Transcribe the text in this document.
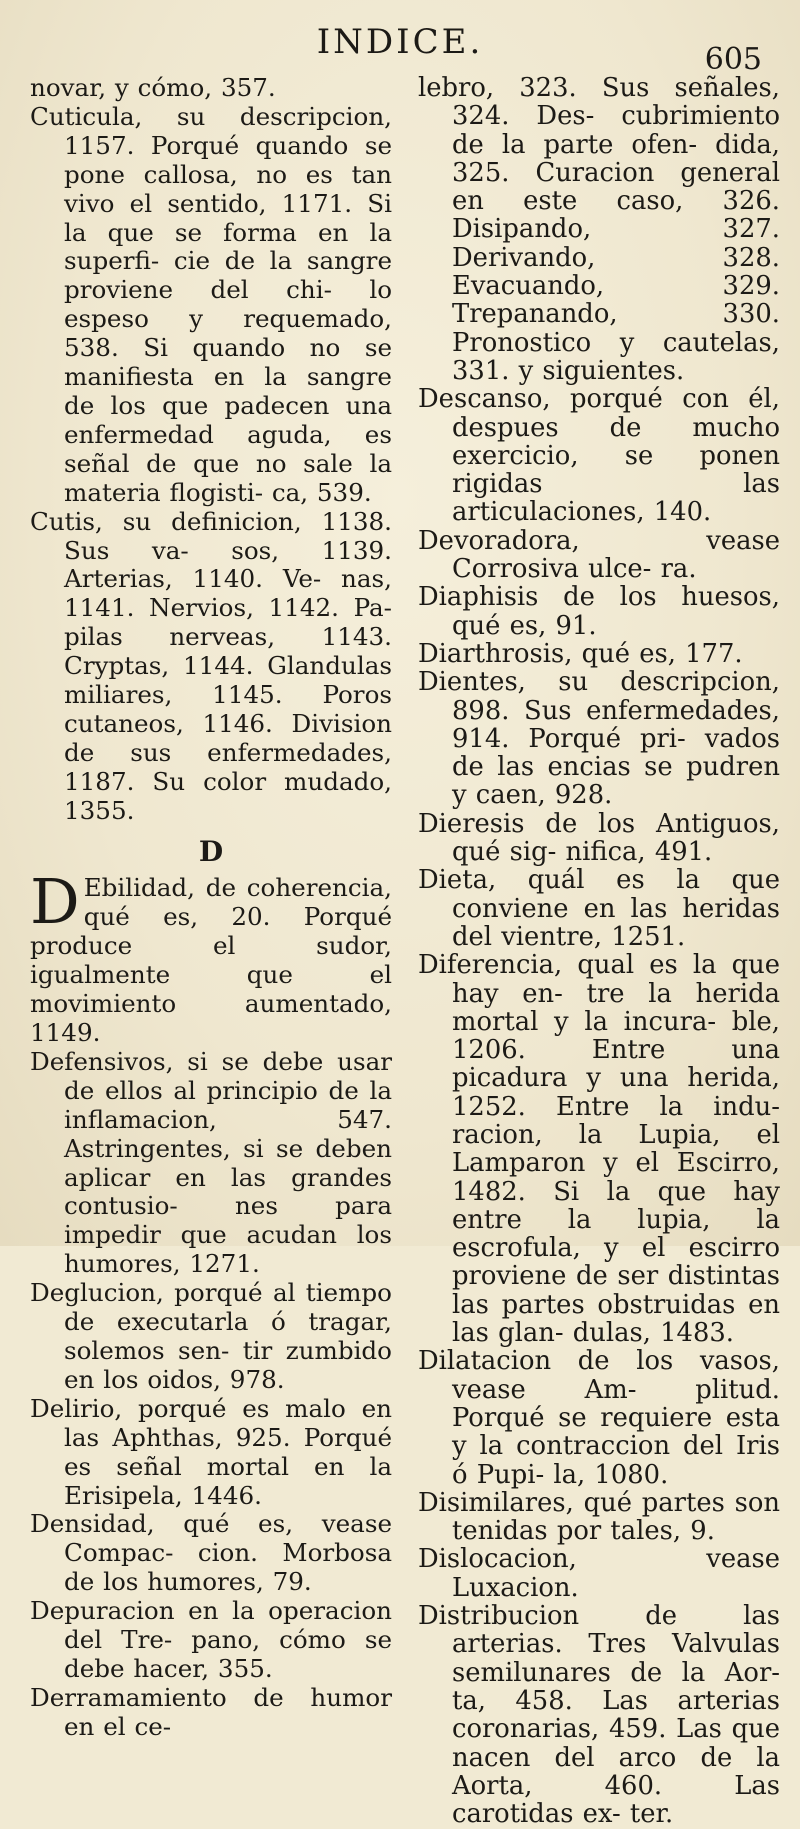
INDICE.	605

novar, y cómo, 357.

Cuticula, su descripcion, 1157. Porqué quando se pone callosa, no es tan vivo el sentido, 1171. Si la que se forma en la superfi- cie de la sangre proviene del chi- lo espeso y requemado, 538. Si quando no se manifiesta en la sangre de los que padecen una enfermedad aguda, es señal de que no sale la materia flogisti- ca, 539.

Cutis, su definicion, 1138. Sus va- sos, 1139. Arterias, 1140. Ve- nas, 1141. Nervios, 1142. Pa- pilas nerveas, 1143. Cryptas, 1144. Glandulas miliares, 1145. Poros cutaneos, 1146. Division de sus enfermedades, 1187. Su color mudado, 1355.

D

D Ebilidad, de coherencia, qué es, 20. Porqué produce el sudor, igualmente que el movimiento aumentado, 1149.

Defensivos, si se debe usar de ellos al principio de la inflamacion, 547. Astringentes, si se deben aplicar en las grandes contusio- nes para impedir que acudan los humores, 1271.

Deglucion, porqué al tiempo de executarla ó tragar, solemos sen- tir zumbido en los oidos, 978.

Delirio, porqué es malo en las Aphthas, 925. Porqué es señal mortal en la Erisipela, 1446.

Densidad, qué es, vease Compac- cion. Morbosa de los humores, 79.

Depuracion en la operacion del Tre- pano, cómo se debe hacer, 355.

Derramamiento de humor en el ce-

lebro, 323. Sus señales, 324. Des- cubrimiento de la parte ofen- dida, 325. Curacion general en este caso, 326. Disipando, 327. Derivando, 328. Evacuando, 329. Trepanando, 330. Pronostico y cautelas, 331. y siguientes.

Descanso, porqué con él, despues de mucho exercicio, se ponen rigidas las articulaciones, 140.

Devoradora, vease Corrosiva ulce- ra.

Diaphisis de los huesos, qué es, 91.

Diarthrosis, qué es, 177.

Dientes, su descripcion, 898. Sus enfermedades, 914. Porqué pri- vados de las encias se pudren y caen, 928.

Dieresis de los Antiguos, qué sig- nifica, 491.

Dieta, quál es la que conviene en las heridas del vientre, 1251.

Diferencia, qual es la que hay en- tre la herida mortal y la incura- ble, 1206. Entre una picadura y una herida, 1252. Entre la indu- racion, la Lupia, el Lamparon y el Escirro, 1482. Si la que hay entre la lupia, la escrofula, y el escirro proviene de ser distintas las partes obstruidas en las glan- dulas, 1483.

Dilatacion de los vasos, vease Am- plitud. Porqué se requiere esta y la contraccion del Iris ó Pupi- la, 1080.

Disimilares, qué partes son tenidas por tales, 9.

Dislocacion, vease Luxacion.

Distribucion de las arterias. Tres Valvulas semilunares de la Aor- ta, 458. Las arterias coronarias, 459. Las que nacen del arco de la Aorta, 460. Las carotidas ex- ter.
